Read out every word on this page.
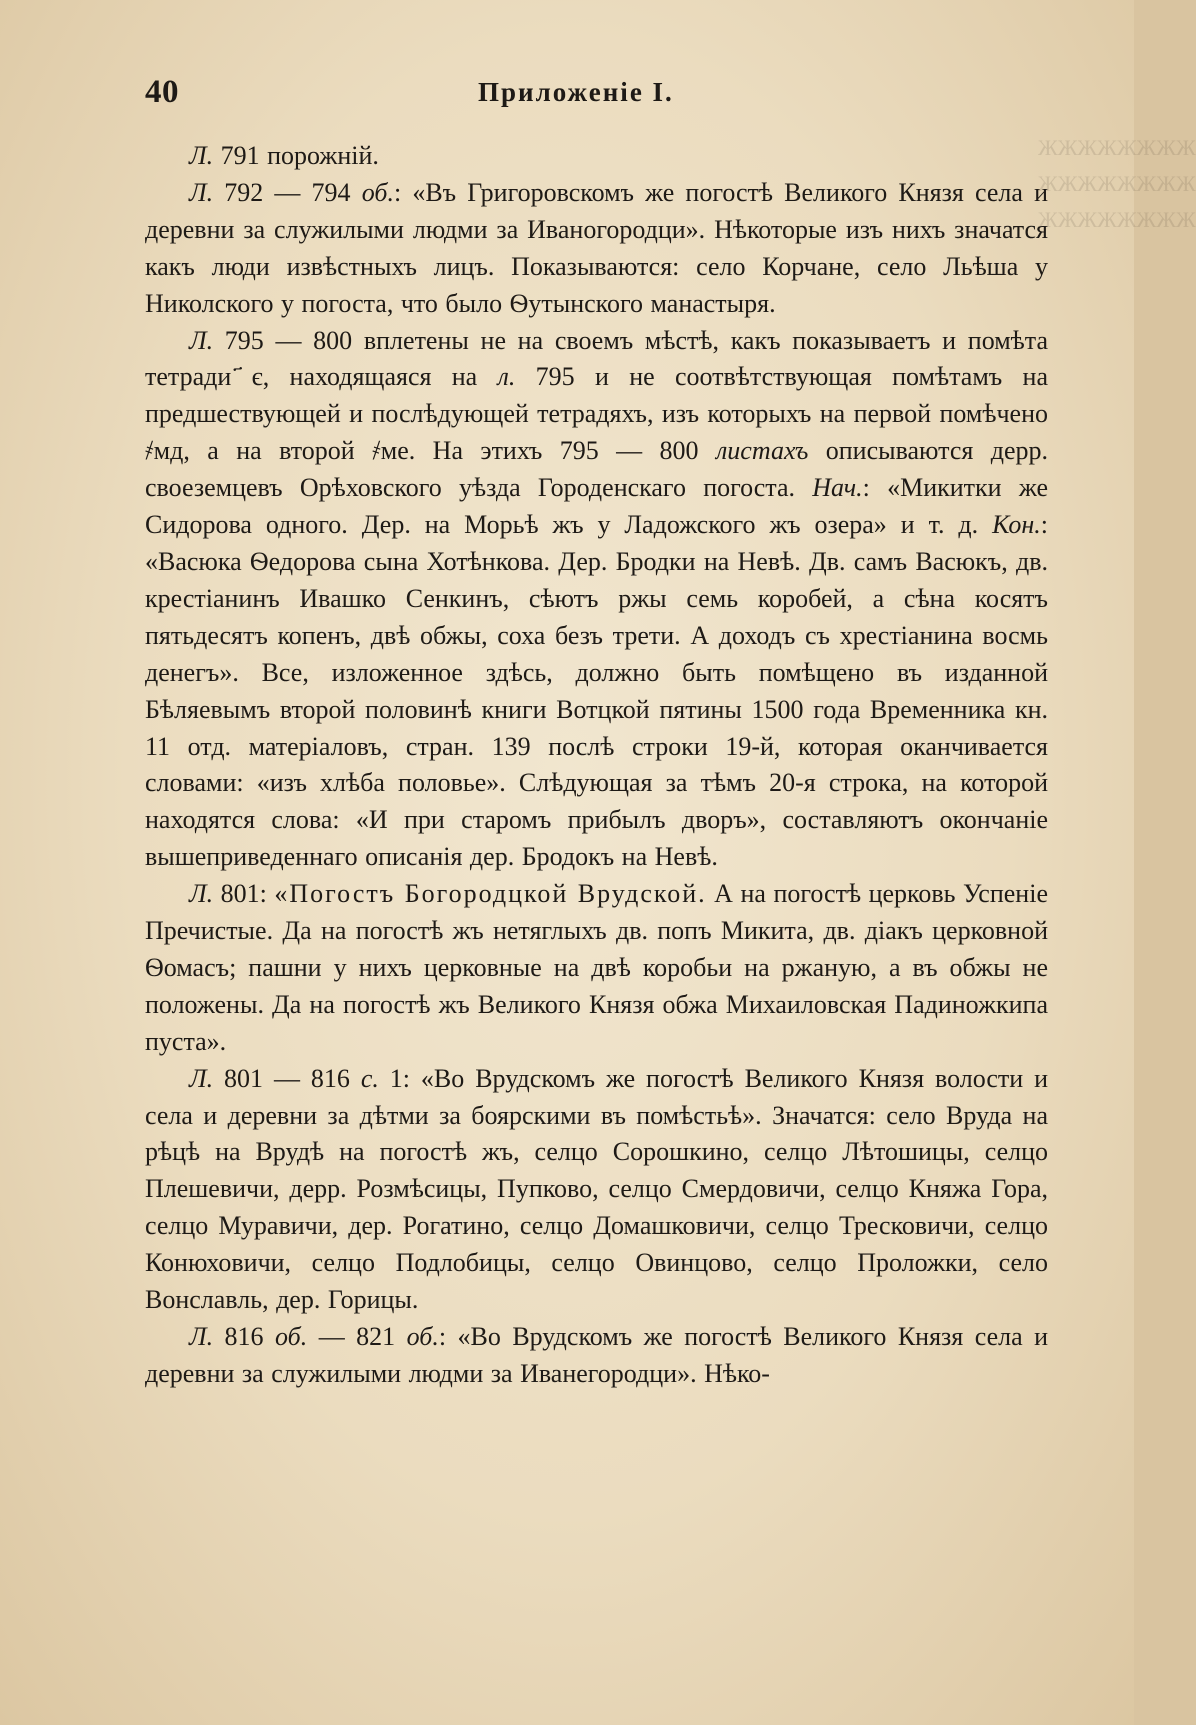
ЖЖЖЖЖЖЖЖ
ЖЖЖЖЖЖЖЖ
ЖЖЖЖЖЖЖЖ
40	Приложеніе I.

Л. 791 порожній.

Л. 792 — 794 об.: «Въ Григоровскомъ же погостѣ Великого Князя села и деревни за служилыми людми за Иваногородци». Нѣкоторые изъ нихъ значатся какъ люди извѣстныхъ лицъ. Показываются: село Корчане, село Льѣша у Николского у погоста, что было Ѳутынского манастыря.

Л. 795 — 800 вплетены не на своемъ мѣстѣ, какъ показываетъ и помѣта тетради ҃є, находящаяся на л. 795 и не соотвѣтствующая помѣтамъ на предшествующей и послѣдующей тетрадяхъ, изъ которыхъ на первой помѣчено ҂мд, а на второй ҂ме. На этихъ 795 — 800 листахъ описываются дерр. своеземцевъ Орѣховского уѣзда Городенскаго погоста. Нач.: «Микитки же Сидорова одного. Дер. на Морьѣ жъ у Ладожского жъ озера» и т. д. Кон.: «Васюка Ѳедорова сына Хотѣнкова. Дер. Бродки на Невѣ. Дв. самъ Васюкъ, дв. крестіанинъ Ивашко Сенкинъ, сѣютъ ржы семь коробей, а сѣна косятъ пятьдесятъ копенъ, двѣ обжы, соха безъ трети. А доходъ съ хрестіанина восмь денегъ». Все, изложенное здѣсь, должно быть помѣщено въ изданной Бѣляевымъ второй половинѣ книги Вотцкой пятины 1500 года Временника кн. 11 отд. матеріаловъ, стран. 139 послѣ строки 19-й, которая оканчивается словами: «изъ хлѣба половье». Слѣдующая за тѣмъ 20-я строка, на которой находятся слова: «И при старомъ прибылъ дворъ», составляютъ окончаніе вышеприведеннаго описанія дер. Бродокъ на Невѣ.

Л. 801: «Погостъ Богородцкой Врудской. А на погостѣ церковь Успеніе Пречистые. Да на погостѣ жъ нетяглыхъ дв. попъ Микита, дв. діакъ церковной Ѳомасъ; пашни у нихъ церковные на двѣ коробьи на ржаную, а въ обжы не положены. Да на погостѣ жъ Великого Князя обжа Михаиловская Падиножкипа пуста».

Л. 801 — 816 с. 1: «Во Врудскомъ же погостѣ Великого Князя волости и села и деревни за дѣтми за боярскими въ помѣстьѣ». Значатся: село Вруда на рѣцѣ на Врудѣ на погостѣ жъ, селцо Сорошкино, селцо Лѣтошицы, селцо Плешевичи, дерр. Розмѣсицы, Пупково, селцо Смердовичи, селцо Княжа Гора, селцо Муравичи, дер. Рогатино, селцо Домашковичи, селцо Тресковичи, селцо Конюховичи, селцо Подлобицы, селцо Овинцово, селцо Проложки, село Вонславль, дер. Горицы.

Л. 816 об. — 821 об.: «Во Врудскомъ же погостѣ Великого Князя села и деревни за служилыми людми за Иванегородци». Нѣко-
